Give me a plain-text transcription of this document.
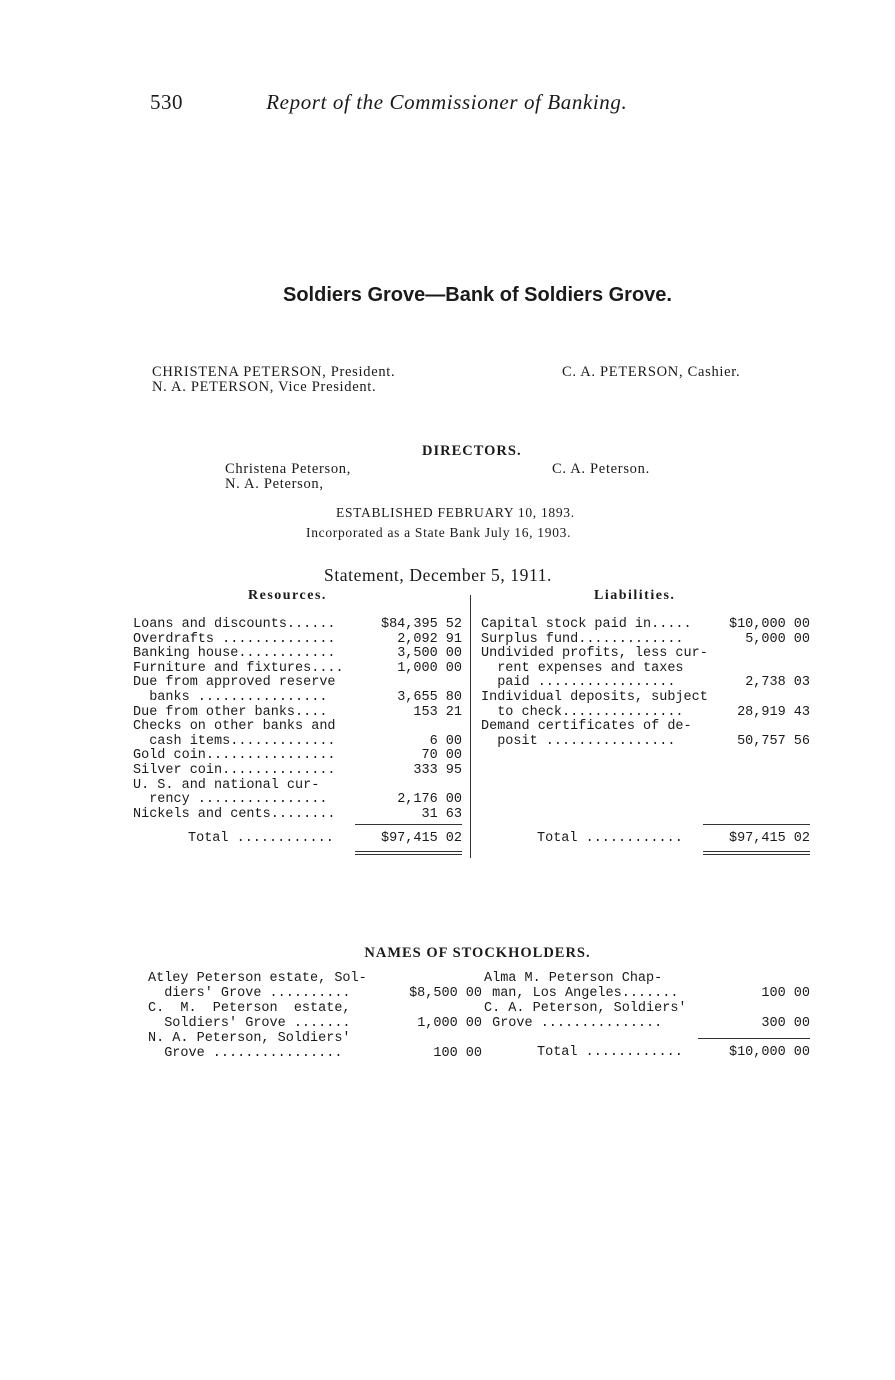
530	Report of the Commissioner of Banking.
Soldiers Grove—Bank of Soldiers Grove.
CHRISTENA PETERSON, President.
N. A. PETERSON, Vice President.
C. A. PETERSON, Cashier.
DIRECTORS.
Christena Peterson,
N. A. Peterson,
C. A. Peterson.
ESTABLISHED FEBRUARY 10, 1893.
Incorporated as a State Bank July 16, 1903.
Statement, December 5, 1911.
Resources.	Liabilities.
Loans and discounts......	$84,395 52
Overdrafts ..............	2,092 91
Banking house............	3,500 00
Furniture and fixtures....	1,000 00
Due from approved reserve
banks ................	3,655 80
Due from other banks....	153 21
Checks on other banks and
cash items.............	6 00
Gold coin................	70 00
Silver coin..............	333 95
U. S. and national cur-
rency ................	2,176 00
Nickels and cents........	31 63
Capital stock paid in.....	$10,000 00
Surplus fund.............	5,000 00
Undivided profits, less cur-
rent expenses and taxes
paid .................	2,738 03
Individual deposits, subject
to check...............	28,919 43
Demand certificates of de-
posit ................	50,757 56
Total ............	$97,415 02	Total ............	$97,415 02
NAMES OF STOCKHOLDERS.
Atley Peterson estate, Sol-
diers' Grove ..........	$8,500 00
C.  M.  Peterson  estate,
Soldiers' Grove .......	1,000 00
N. A. Peterson, Soldiers'
Grove ................	100 00
Alma M. Peterson Chap-
man, Los Angeles.......	100 00
C. A. Peterson, Soldiers'
Grove ...............	300 00
Total ............	$10,000 00
